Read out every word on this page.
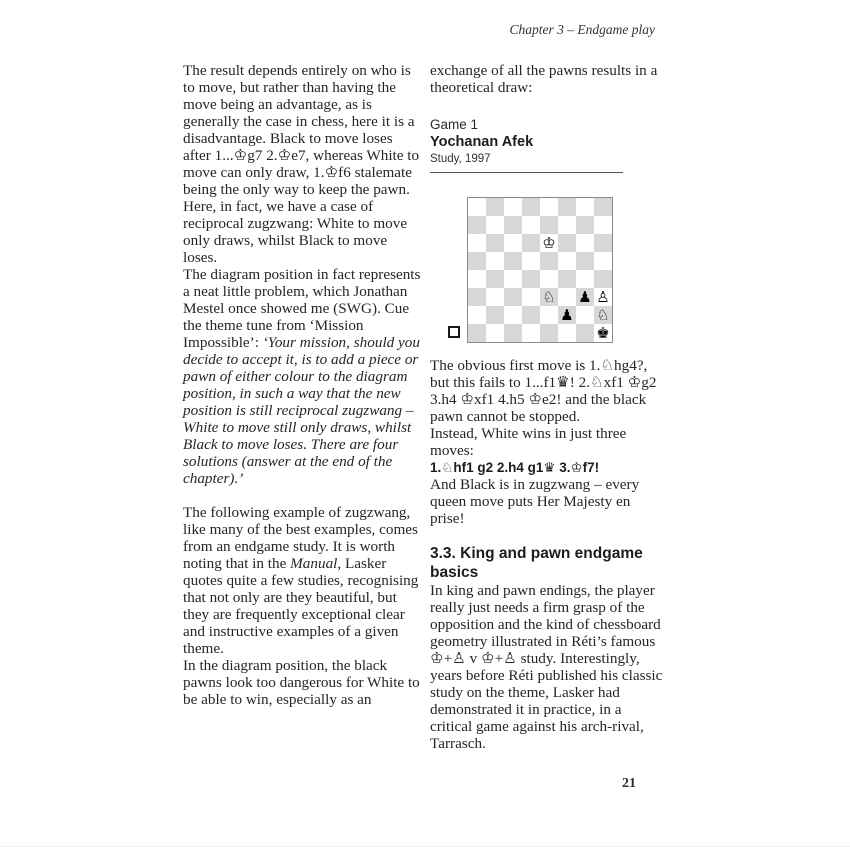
Chapter 3 – Endgame play

The result depends entirely on who is to move, but rather than having the move being an advantage, as is generally the case in chess, here it is a disadvantage. Black to move loses after 1...♔g7 2.♔e7, whereas White to move can only draw, 1.♔f6 stalemate being the only way to keep the pawn.

Here, in fact, we have a case of reciprocal zugzwang: White to move only draws, whilst Black to move loses.

The diagram position in fact represents a neat little problem, which Jonathan Mestel once showed me (SWG). Cue the theme tune from ‘Mission Impossible’: ‘Your mission, should you decide to accept it, is to add a piece or pawn of either colour to the diagram position, in such a way that the new position is still reciprocal zugzwang – White to move still only draws, whilst Black to move loses. There are four solutions (answer at the end of the chapter).’

The following example of zugzwang, like many of the best examples, comes from an endgame study. It is worth noting that in the Manual, Lasker quotes quite a few studies, recognising that not only are they beautiful, but they are frequently exceptional clear and instructive examples of a given theme.

In the diagram position, the black pawns look too dangerous for White to be able to win, especially as an

exchange of all the pawns results in a theoretical draw:

Game 1
Yochanan Afek
Study, 1997
♔
♘ ♟ ♙
♟ ♘
♚

The obvious first move is 1.♘hg4?, but this fails to 1...f1♛! 2.♘xf1 ♔g2 3.h4 ♔xf1 4.h5 ♔e2! and the black pawn cannot be stopped.

Instead, White wins in just three moves:

1.♘hf1 g2 2.h4 g1♛ 3.♔f7!

And Black is in zugzwang – every queen move puts Her Majesty en prise!

3.3. King and pawn endgame basics

In king and pawn endings, the player really just needs a firm grasp of the opposition and the kind of chessboard geometry illustrated in Réti’s famous ♔+♙ v ♔+♙ study. Interestingly, years before Réti published his classic study on the theme, Lasker had demonstrated it in practice, in a critical game against his arch-rival, Tarrasch.

21
